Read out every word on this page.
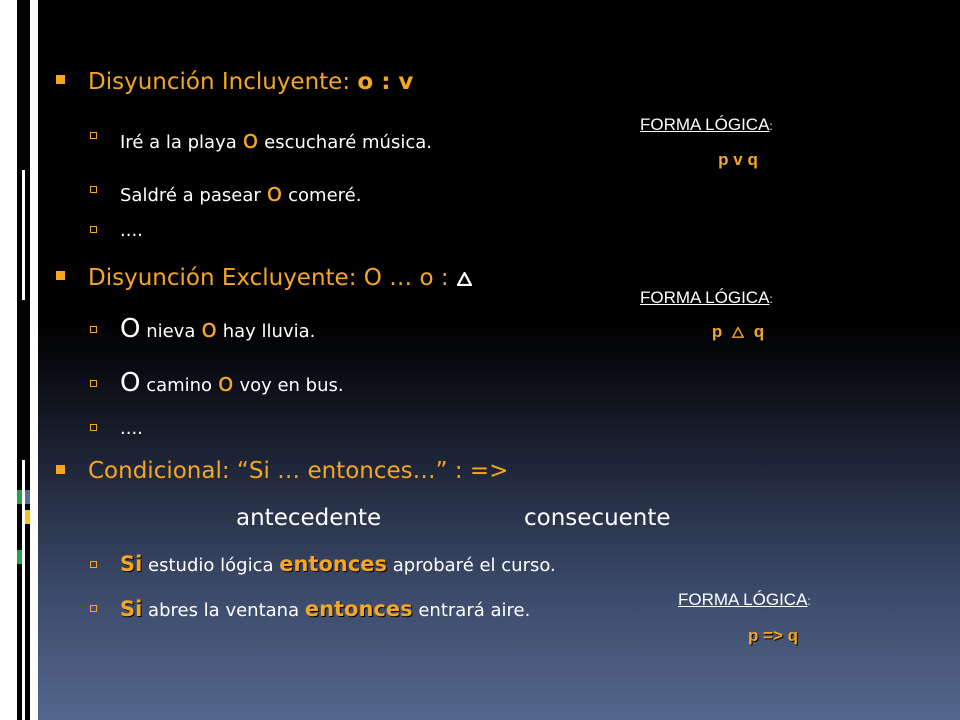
Disyunción Incluyente: o : v
Iré a la playa o escucharé música.
Saldré a pasear o comeré.
....
Disyunción Excluyente: O … o :
O nieva o hay lluvia.
O camino o voy en bus.
....
Condicional: “Si … entonces…” : =>
antecedente	consecuente
Si estudio lógica entonces aprobaré el curso.
Si abres la ventana entonces entrará aire.
FORMA LÓGICA:
p v q
FORMA LÓGICA:
p q
FORMA LÓGICA:
p => q
